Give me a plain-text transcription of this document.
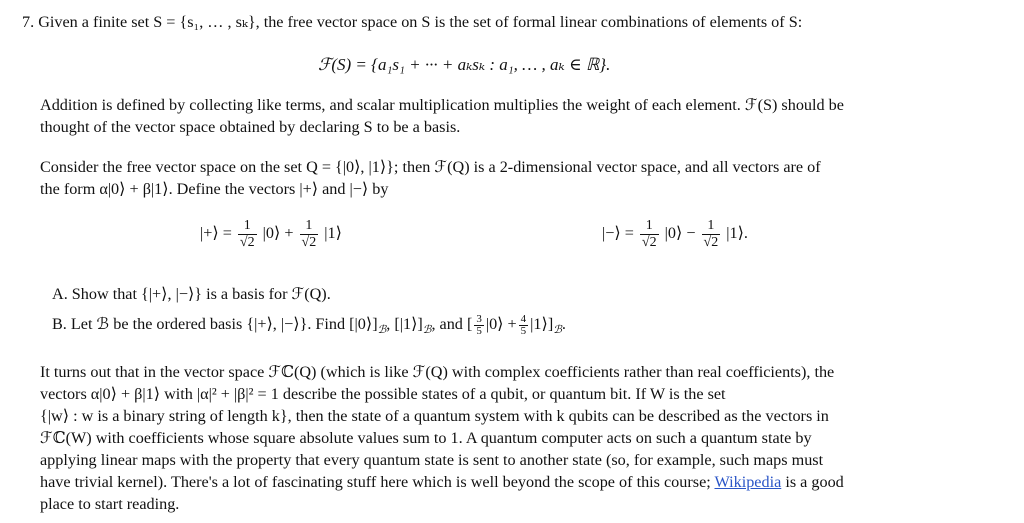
7. Given a finite set S = {s₁, … , sₖ}, the free vector space on S is the set of formal linear combinations of elements of S:
ℱ(S) = {a₁s₁ + ··· + aₖsₖ : a₁, … , aₖ ∈ ℝ}.
Addition is defined by collecting like terms, and scalar multiplication multiplies the weight of each element. ℱ(S) should be
thought of the vector space obtained by declaring S to be a basis.
Consider the free vector space on the set Q = {|0⟩, |1⟩}; then ℱ(Q) is a 2-dimensional vector space, and all vectors are of
the form α|0⟩ + β|1⟩. Define the vectors |+⟩ and |−⟩ by
|+⟩ = $\frac{1}{√2}$ |0⟩ + $\frac{1}{√2}$ |1⟩	|−⟩ = $\frac{1}{√2}$ |0⟩ − $\frac{1}{√2}$ |1⟩.
A. Show that {|+⟩, |−⟩} is a basis for ℱ(Q).
B. Let ℬ be the ordered basis {|+⟩, |−⟩}. Find $[|0⟩]_ℬ$, $[|1⟩]_ℬ$, and [ $\frac{3}{5}$ |0⟩ + $\frac{4}{5}$ $|1⟩]_ℬ$.
It turns out that in the vector space ℱℂ(Q) (which is like ℱ(Q) with complex coefficients rather than real coefficients), the
vectors α|0⟩ + β|1⟩ with |α|² + |β|² = 1 describe the possible states of a qubit, or quantum bit. If W is the set
{|w⟩ : w is a binary string of length k}, then the state of a quantum system with k qubits can be described as the vectors in
ℱℂ(W) with coefficients whose square absolute values sum to 1. A quantum computer acts on such a quantum state by
applying linear maps with the property that every quantum state is sent to another state (so, for example, such maps must
have trivial kernel). There's a lot of fascinating stuff here which is well beyond the scope of this course; Wikipedia is a good
place to start reading.
